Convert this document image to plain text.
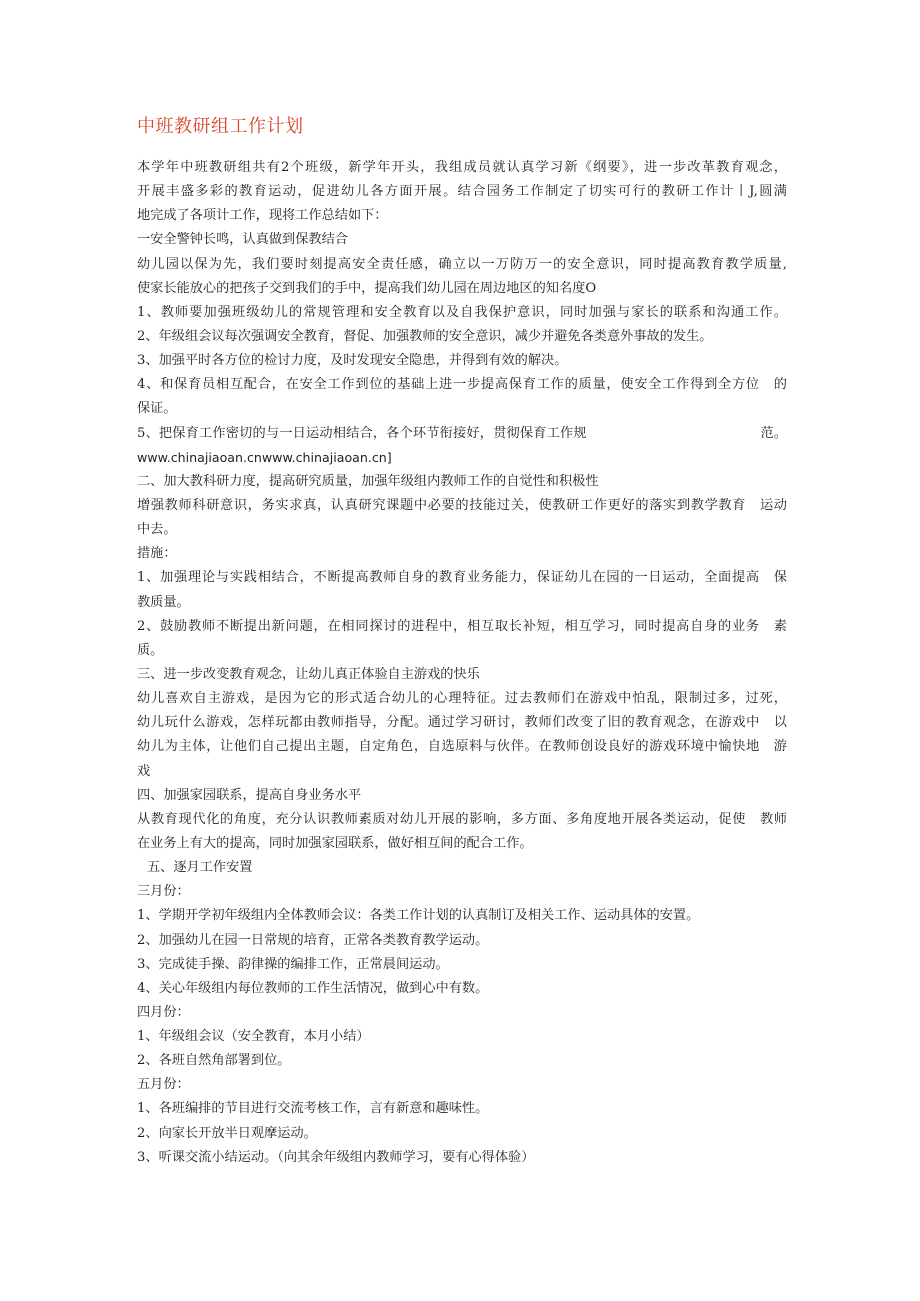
中班教研组工作计划
本学年中班教研组共有2个班级，新学年开头，我组成员就认真学习新《纲要》，进一步改革教育观念，
开展丰盛多彩的教育运动，促进幼儿各方面开展。结合园务工作制定了切实可行的教研工作计丨J,圆满
地完成了各项计工作，现将工作总结如下：
一安全警钟长鸣，认真做到保教结合
幼儿园以保为先，我们要时刻提高安全责任感，确立以一万防万一的安全意识，同时提高教育教学质量,
使家长能放心的把孩子交到我们的手中，提高我们幼儿园在周边地区的知名度O
1、教师要加强班级幼儿的常规管理和安全教育以及自我保护意识，同时加强与家长的联系和沟通工作。
2、年级组会议每次强调安全教育，督促、加强教师的安全意识，减少并避免各类意外事故的发生。
3、加强平时各方位的检讨力度，及时发现安全隐患，并得到有效的解决。
4、和保育员相互配合，在安全工作到位的基础上进一步提高保育工作的质量，使安全工作得到全方位　的
保证。
5、把保育工作密切的与一日运动相结合，各个环节衔接好，贯彻保育工作规　　　　　　　　　　　　　范。
www.chinajiaoan.cnwww.chinajiaoan.cn]
二、加大教科研力度，提高研究质量，加强年级组内教师工作的自觉性和积极性
增强教师科研意识，务实求真，认真研究课题中必要的技能过关，使教研工作更好的落实到教学教育　运动
中去。
措施：
1、加强理论与实践相结合，不断提高教师自身的教育业务能力，保证幼儿在园的一日运动，全面提高　保
教质量。
2、鼓励教师不断提出新问题，在相同探讨的进程中，相互取长补短，相互学习，同时提高自身的业务　素
质。
三、进一步改变教育观念，让幼儿真正体验自主游戏的快乐
幼儿喜欢自主游戏，是因为它的形式适合幼儿的心理特征。过去教师们在游戏中怕乱，限制过多，过死，
幼儿玩什么游戏，怎样玩都由教师指导，分配。通过学习研讨，教师们改变了旧的教育观念，在游戏中　以
幼儿为主体，让他们自己提出主题，自定角色，自选原料与伙伴。在教师创设良好的游戏环境中愉快地　游
戏
四、加强家园联系，提高自身业务水平
从教育现代化的角度，充分认识教师素质对幼儿开展的影响，多方面、多角度地开展各类运动，促使　教师
在业务上有大的提高，同时加强家园联系，做好相互间的配合工作。
五、逐月工作安置
三月份：
1、学期开学初年级组内全体教师会议：各类工作计划的认真制订及相关工作、运动具体的安置。
2、加强幼儿在园一日常规的培育，正常各类教育教学运动。
3、完成徒手操、韵律操的编排工作，正常晨间运动。
4、关心年级组内每位教师的工作生活情况，做到心中有数。
四月份：
1、年级组会议（安全教育，本月小结）
2、各班自然角部署到位。
五月份：
1、各班编排的节目进行交流考核工作，言有新意和趣味性。
2、向家长开放半日观摩运动。
3、听课交流小结运动。（向其余年级组内教师学习，要有心得体验）
